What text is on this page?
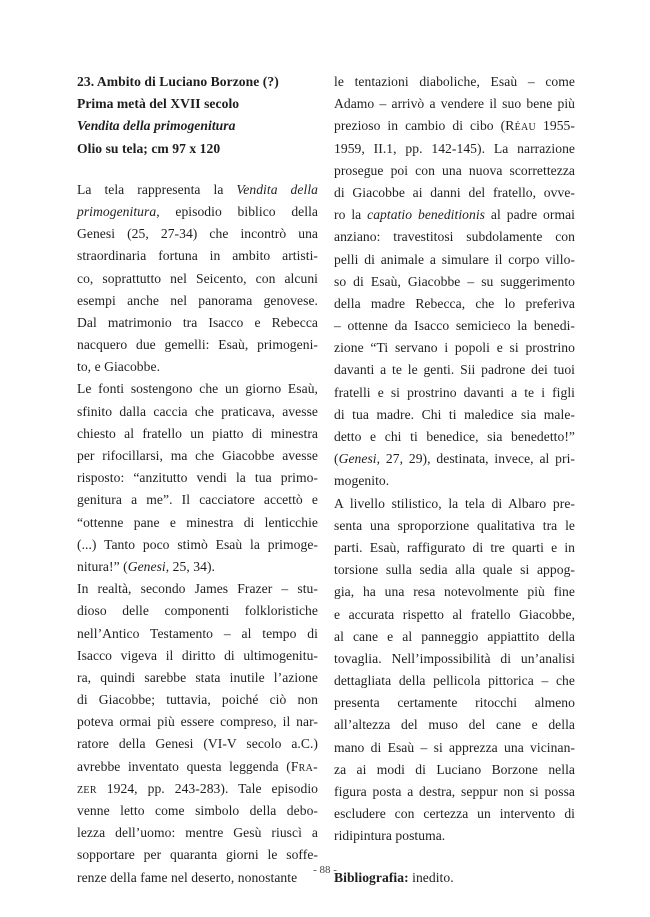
23. Ambito di Luciano Borzone (?)
Prima metà del XVII secolo
Vendita della primogenitura
Olio su tela; cm 97 x 120
La tela rappresenta la Vendita della
primogenitura, episodio biblico della
Genesi (25, 27-34) che incontrò una
straordinaria fortuna in ambito artisti-
co, soprattutto nel Seicento, con alcuni
esempi anche nel panorama genovese.
Dal matrimonio tra Isacco e Rebecca
nacquero due gemelli: Esaù, primogeni-
to, e Giacobbe.
Le fonti sostengono che un giorno Esaù,
sfinito dalla caccia che praticava, avesse
chiesto al fratello un piatto di minestra
per rifocillarsi, ma che Giacobbe avesse
risposto: “anzitutto vendi la tua primo-
genitura a me”. Il cacciatore accettò e
“ottenne pane e minestra di lenticchie
(...) Tanto poco stimò Esaù la primoge-
nitura!” (Genesi, 25, 34).
In realtà, secondo James Frazer – stu-
dioso delle componenti folkloristiche
nell’Antico Testamento – al tempo di
Isacco vigeva il diritto di ultimogenitu-
ra, quindi sarebbe stata inutile l’azione
di Giacobbe; tuttavia, poiché ciò non
poteva ormai più essere compreso, il nar-
ratore della Genesi (VI-V secolo a.C.)
avrebbe inventato questa leggenda (Fra-
zer 1924, pp. 243-283). Tale episodio
venne letto come simbolo della debo-
lezza dell’uomo: mentre Gesù riuscì a
sopportare per quaranta giorni le soffe-
renze della fame nel deserto, nonostante
le tentazioni diaboliche, Esaù – come
Adamo – arrivò a vendere il suo bene più
prezioso in cambio di cibo (Réau 1955-
1959, II.1, pp. 142-145). La narrazione
prosegue poi con una nuova scorrettezza
di Giacobbe ai danni del fratello, ovve-
ro la captatio beneditionis al padre ormai
anziano: travestitosi subdolamente con
pelli di animale a simulare il corpo villo-
so di Esaù, Giacobbe – su suggerimento
della madre Rebecca, che lo preferiva
– ottenne da Isacco semicieco la benedi-
zione “Ti servano i popoli e si prostrino
davanti a te le genti. Sii padrone dei tuoi
fratelli e si prostrino davanti a te i figli
di tua madre. Chi ti maledice sia male-
detto e chi ti benedice, sia benedetto!”
(Genesi, 27, 29), destinata, invece, al pri-
mogenito.
A livello stilistico, la tela di Albaro pre-
senta una sproporzione qualitativa tra le
parti. Esaù, raffigurato di tre quarti e in
torsione sulla sedia alla quale si appog-
gia, ha una resa notevolmente più fine
e accurata rispetto al fratello Giacobbe,
al cane e al panneggio appiattito della
tovaglia. Nell’impossibilità di un’analisi
dettagliata della pellicola pittorica – che
presenta certamente ritocchi almeno
all’altezza del muso del cane e della
mano di Esaù – si apprezza una vicinan-
za ai modi di Luciano Borzone nella
figura posta a destra, seppur non si possa
escludere con certezza un intervento di
ridipintura postuma.
Bibliografia: inedito.
- 88 -
